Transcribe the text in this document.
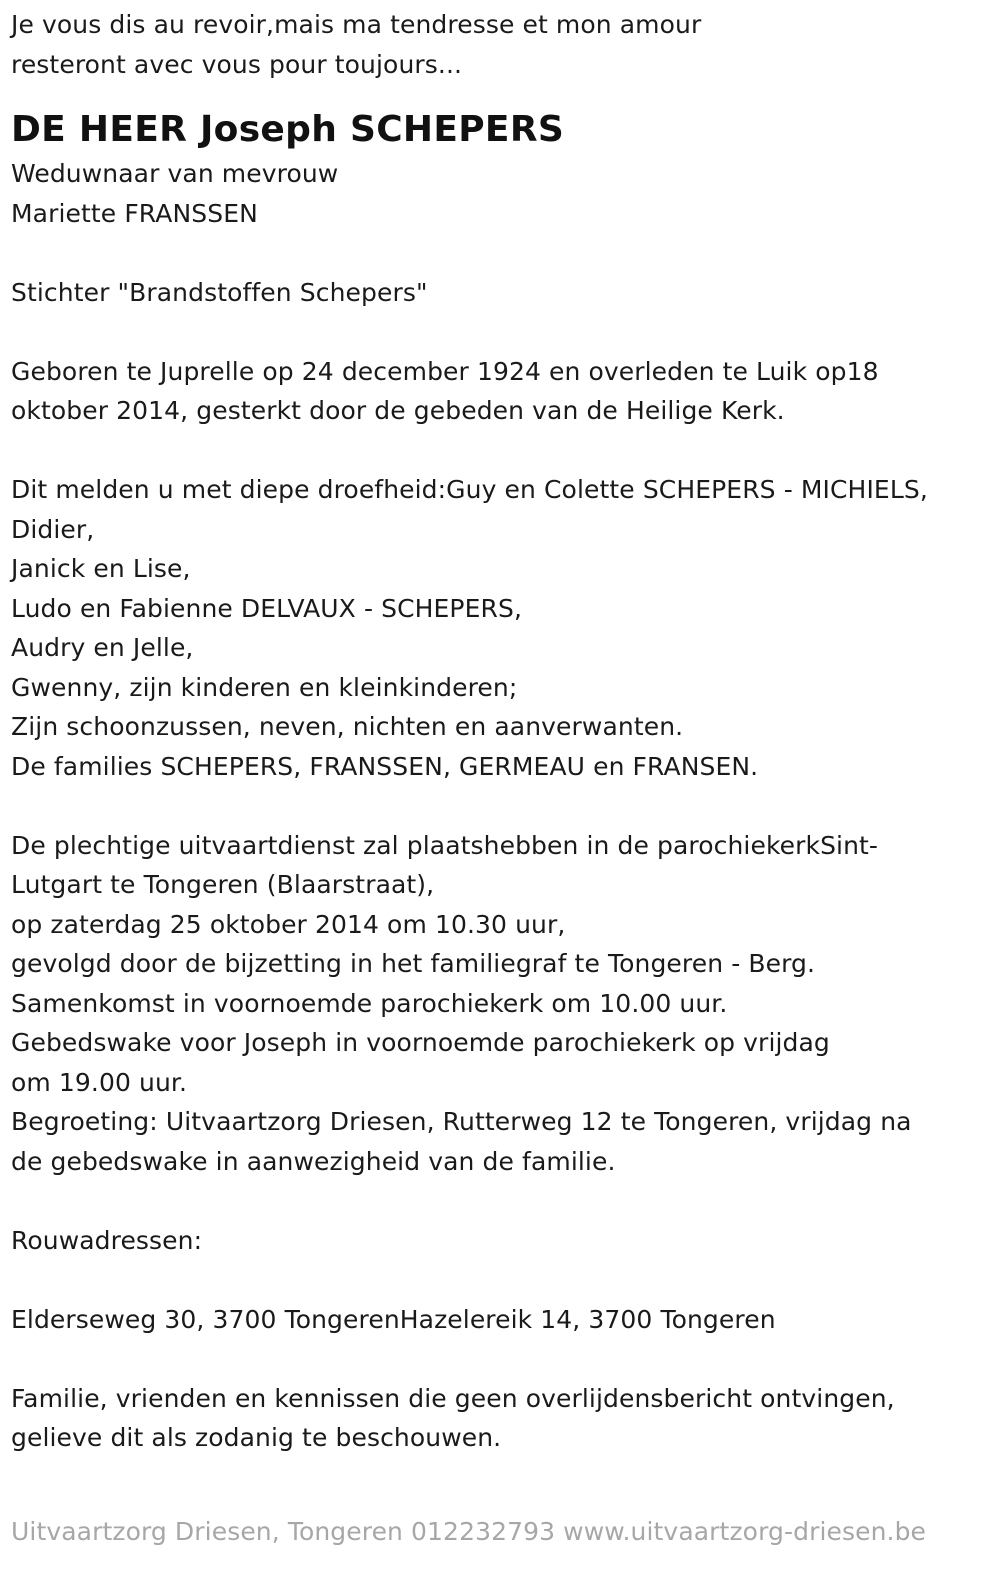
Je vous dis au revoir,mais ma tendresse et mon amour
resteront avec vous pour toujours...
DE HEER Joseph SCHEPERS
Weduwnaar van mevrouw
Mariette FRANSSEN
Stichter "Brandstoffen Schepers"
Geboren te Juprelle op 24 december 1924 en overleden te Luik op18
oktober 2014, gesterkt door de gebeden van de Heilige Kerk.
Dit melden u met diepe droefheid:Guy en Colette SCHEPERS - MICHIELS,
Didier,
Janick en Lise,
Ludo en Fabienne DELVAUX - SCHEPERS,
Audry en Jelle,
Gwenny, zijn kinderen en kleinkinderen;
Zijn schoonzussen, neven, nichten en aanverwanten.
De families SCHEPERS, FRANSSEN, GERMEAU en FRANSEN.
De plechtige uitvaartdienst zal plaatshebben in de parochiekerkSint-
Lutgart te Tongeren (Blaarstraat),
op zaterdag 25 oktober 2014 om 10.30 uur,
gevolgd door de bijzetting in het familiegraf te Tongeren - Berg.
Samenkomst in voornoemde parochiekerk om 10.00 uur.
Gebedswake voor Joseph in voornoemde parochiekerk op vrijdag
om 19.00 uur.
Begroeting: Uitvaartzorg Driesen, Rutterweg 12 te Tongeren, vrijdag na
de gebedswake in aanwezigheid van de familie.
Rouwadressen:
Elderseweg 30, 3700 TongerenHazelereik 14, 3700 Tongeren
Familie, vrienden en kennissen die geen overlijdensbericht ontvingen,
gelieve dit als zodanig te beschouwen.
Uitvaartzorg Driesen, Tongeren 012232793 www.uitvaartzorg-driesen.be
